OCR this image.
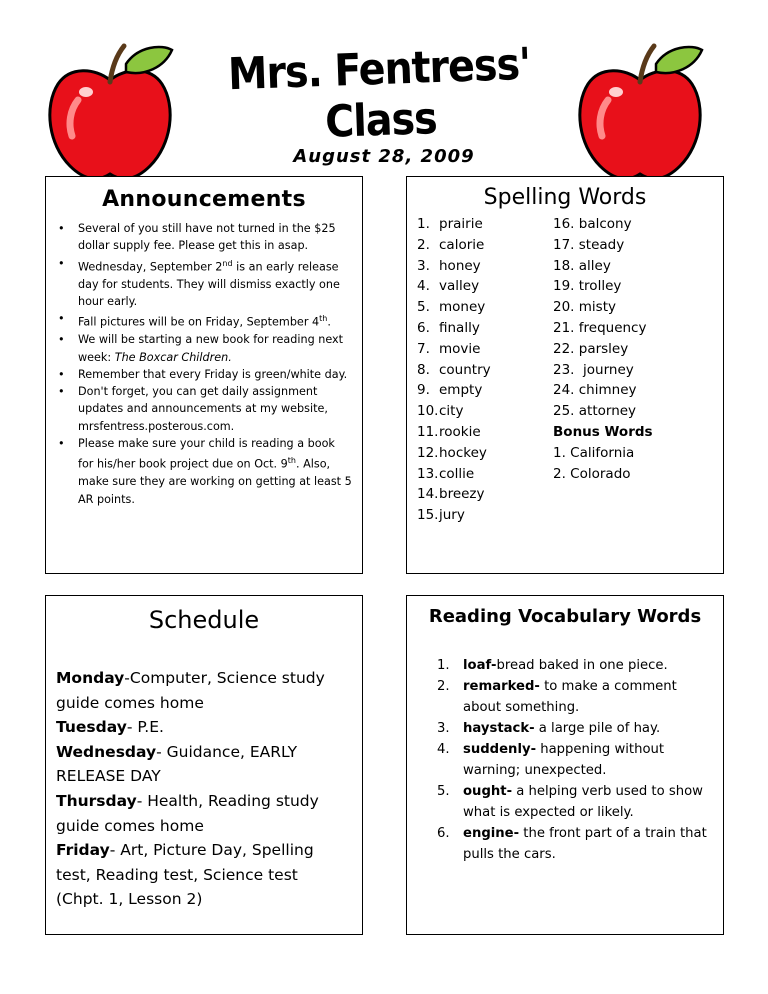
Mrs. Fentress' Class
August 28, 2009
Announcements
• Several of you still have not turned in the $25 dollar supply fee. Please get this in asap.
• Wednesday, September 2nd is an early release day for students. They will dismiss exactly one hour early.
• Fall pictures will be on Friday, September 4th.
• We will be starting a new book for reading next week: The Boxcar Children.
• Remember that every Friday is green/white day.
• Don't forget, you can get daily assignment updates and announcements at my website, mrsfentress.posterous.com.
• Please make sure your child is reading a book for his/her book project due on Oct. 9th. Also, make sure they are working on getting at least 5 AR points.
Spelling Words
1. prairie
2. calorie
3. honey
4. valley
5. money
6. finally
7. movie
8. country
9. empty
10.city
11.rookie
12.hockey
13.collie
14.breezy
15.jury
16. balcony
17. steady
18. alley
19. trolley
20. misty
21. frequency
22. parsley
23.  journey
24. chimney
25. attorney
Bonus Words
1. California
2. Colorado
Schedule
Monday-Computer, Science study guide comes home
Tuesday- P.E.
Wednesday- Guidance, EARLY RELEASE DAY
Thursday- Health, Reading study guide comes home
Friday- Art, Picture Day, Spelling test, Reading test, Science test (Chpt. 1, Lesson 2)
Reading Vocabulary Words
1. loaf-bread baked in one piece.
2. remarked- to make a comment about something.
3. haystack- a large pile of hay.
4. suddenly- happening without warning; unexpected.
5. ought- a helping verb used to show what is expected or likely.
6. engine- the front part of a train that pulls the cars.
